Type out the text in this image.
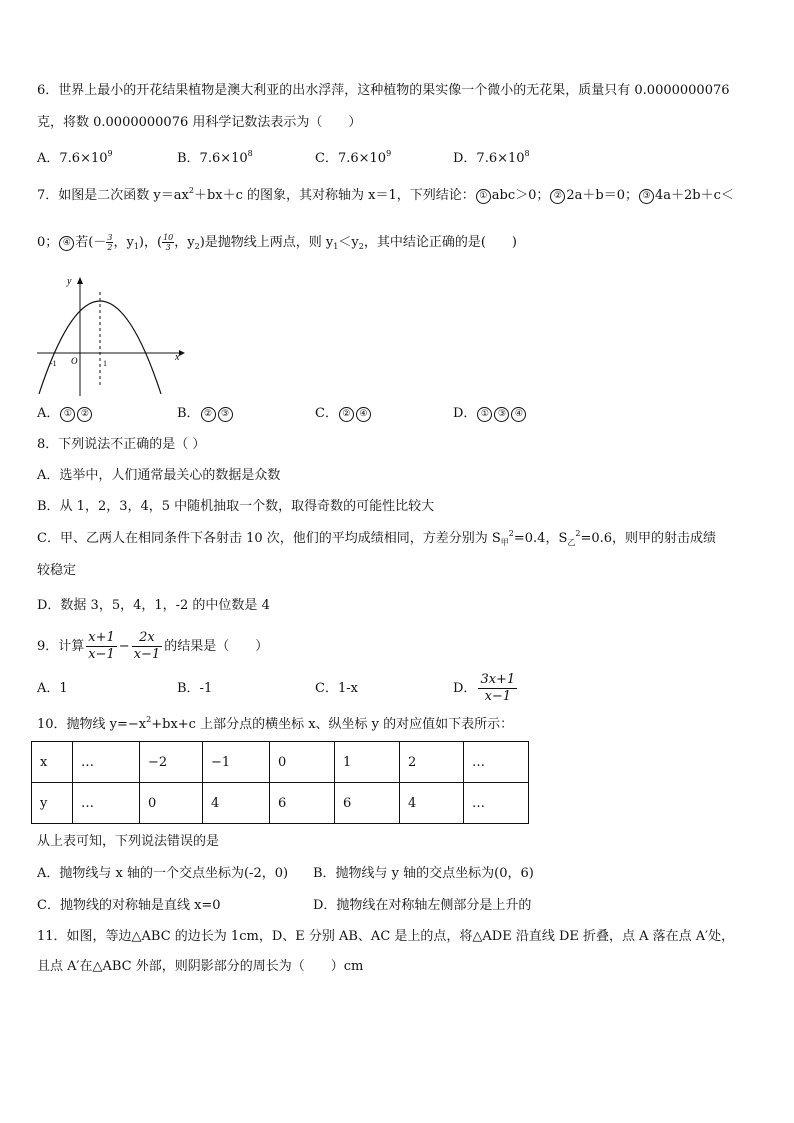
6．世界上最小的开花结果植物是澳大利亚的出水浮萍，这种植物的果实像一个微小的无花果，质量只有 0.0000000076
克，将数 0.0000000076 用科学记数法表示为（　　）
A．$7.6\times 10^9$	B．$7.6\times 10^8$	C．$7.6\times 10^9$	D．$7.6\times 10^8$
7．如图是二次函数 $y=ax^2+bx+c$ 的图象，其对称轴为 x＝1，下列结论： ① abc＞0； ② 2a＋b＝0； ③ 4a＋2b＋c＜
0； ④ 若(－ $\frac{3}{2}$ ，$y_1$)，( $\frac{10}{3}$ ，$y_2$)是抛物线上两点，则 $y_1<y_2$，其中结论正确的是(　　)
y
x
O
-1	1
A． ① ②	B． ② ③	C． ② ④	D． ① ③ ④
8．下列说法不正确的是（ ）
A．选举中，人们通常最关心的数据是众数
B．从 1，2，3，4，5 中随机抽取一个数，取得奇数的可能性比较大
C．甲、乙两人在相同条件下各射击 10 次，他们的平均成绩相同，方差分别为 $S_甲^2=0.4$，$S_乙^2=0.6$，则甲的射击成绩
较稳定
D．数据 3，5，4，1，-2 的中位数是 4
9．计算 $\frac{x+1}{x-1} - \frac{2x}{x-1}$ 的结果是（　　）
A．1	B．-1	C．1-x	D． $\frac{3x+1}{x-1}$
10．抛物线 $y=-x^2+bx+c$ 上部分点的横坐标 x、纵坐标 y 的对应值如下表所示：
x	…	−2	−1	0	1	2	…
y	…	0	4	6	6	4	…
从上表可知，下列说法错误的是
A．抛物线与 x 轴的一个交点坐标为(-2，0) B．抛物线与 y 轴的交点坐标为(0，6)
C．抛物线的对称轴是直线 x=0	D．抛物线在对称轴左侧部分是上升的
11．如图，等边△ABC 的边长为 1cm，D、E 分别 AB、AC 是上的点，将△ADE 沿直线 DE 折叠，点 A 落在点 A′处，
且点 A′在△ABC 外部，则阴影部分的周长为（　　）cm
